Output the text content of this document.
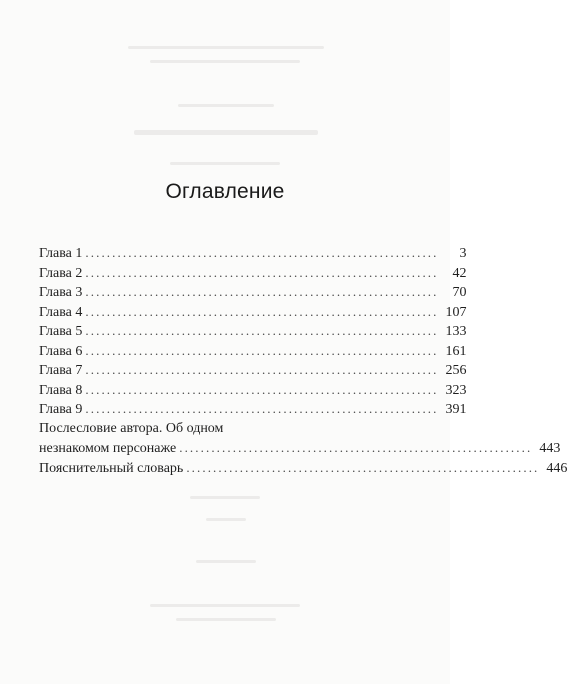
Оглавление
Глава 1 ..................................................................	3
Глава 2 ..................................................................	42
Глава 3 ..................................................................	70
Глава 4 .................................................................. 107
Глава 5 .................................................................. 133
Глава 6 .................................................................. 161
Глава 7 .................................................................. 256
Глава 8 .................................................................. 323
Глава 9 .................................................................. 391
Послесловие автора. Об одном
незнакомом персонаже .................................................................. 443
Пояснительный словарь .................................................................. 446
